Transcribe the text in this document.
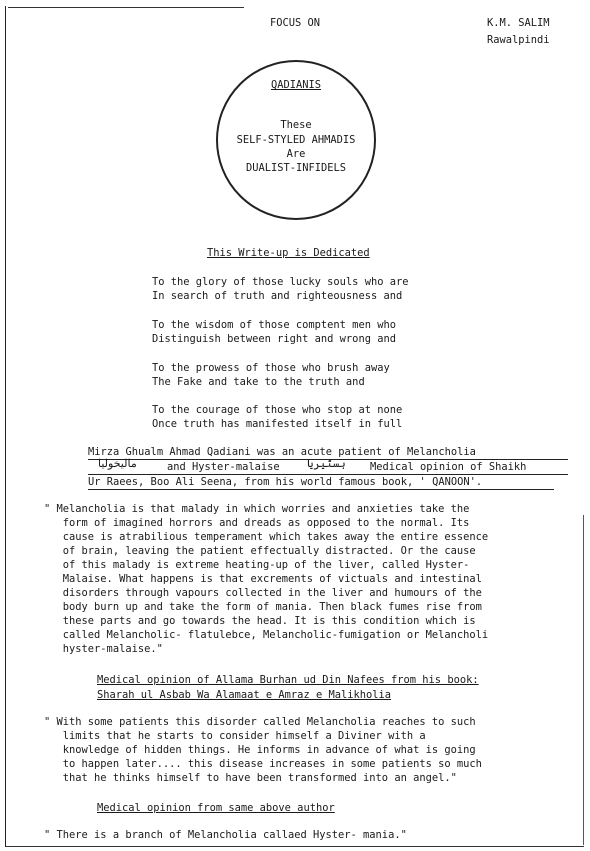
FOCUS ON	K.M. SALIM
Rawalpindi
QADIANIS
These
SELF-STYLED AHMADIS
Are
DUALIST-INFIDELS
This Write-up is Dedicated
To the glory of those lucky souls who are
In search of truth and righteousness and
To the wisdom of those comptent men who
Distinguish between right and wrong and
To the prowess of those who brush away
The Fake and take to the truth and
To the courage of those who stop at none
Once truth has manifested itself in full
Mirza Ghualm Ahmad Qadiani was an acute patient of Melancholia
مالیخولیا	and Hyster-malaise ہسٹیریا Medical opinion of Shaikh
Ur Raees, Boo Ali Seena, from his world famous book, ' QANOON'.
" Melancholia is that malady in which worries and anxieties take the
form of imagined horrors and dreads as opposed to the normal. Its
cause is atrabilious temperament which takes away the entire essence
of brain, leaving the patient effectually distracted. Or the cause
of this malady is extreme heating-up of the liver, called Hyster-
Malaise. What happens is that excrements of victuals and intestinal
disorders through vapours collected in the liver and humours of the
body burn up and take the form of mania. Then black fumes rise from
these parts and go towards the head. It is this condition which is
called Melancholic- flatulebce, Melancholic-fumigation or Melancholi
hyster-malaise."
Medical opinion of Allama Burhan ud Din Nafees from his book:
Sharah ul Asbab Wa Alamaat e Amraz e Malikholia
" With some patients this disorder called Melancholia reaches to such
limits that he starts to consider himself a Diviner with a
knowledge of hidden things. He informs in advance of what is going
to happen later.... this disease increases in some patients so much
that he thinks himself to have been transformed into an angel."
Medical opinion from same above author
" There is a branch of Melancholia callaed Hyster- mania."
